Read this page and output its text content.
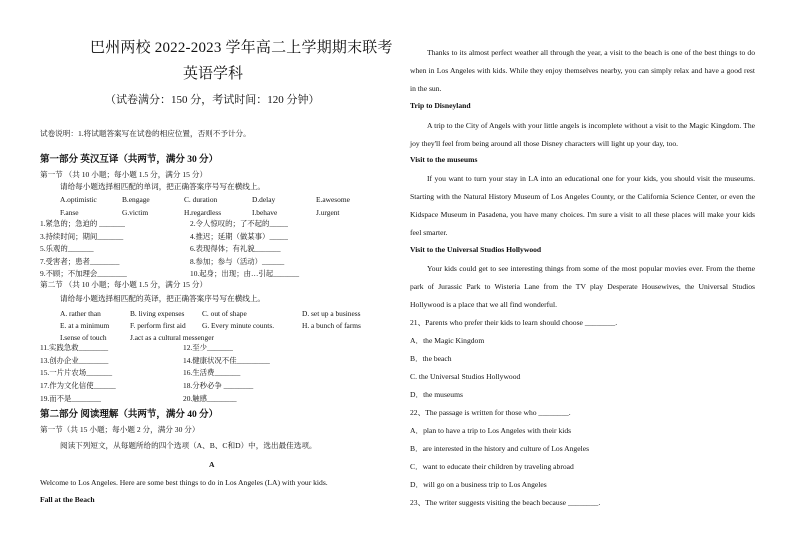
巴州两校 2022-2023 学年高二上学期期末联考
英语学科
（试卷满分：150 分，考试时间：120 分钟）
试卷说明：1.将试题答案写在试卷的相应位置，否则不予计分。
第一部分 英汉互译（共两节，满分 30 分）
第一节 （共 10 小题；每小题 1.5 分，满分 15 分）
请给每小题选择相匹配的单词，把正确答案序号写在横线上。
A.optimistic	B.engage	C. duration	D.delay	E.awesome
F.anse	G.victim	H.regardless	I.behave	J.urgent
1.紧急的；急迫的 _______	2.令人惊叹的；了不起的_____
3.持续时间；期间_______	4.推迟；延期（做某事）_____
5.乐观的_______	6.表现得体；有礼貌_______
7.受害者；患者________	8.参加；参与（活动）______
9.不顾；不加理会________	10.起身；出现；由…引起_______
第二节 （共 10 小题；每小题 1.5 分，满分 15 分）
请给每小题选择相匹配的英译，把正确答案序号写在横线上。
A. rather than	B. living expenses	C. out of shape	D. set up a business
E. at a minimum	F. perform first aid	G. Every minute counts.	H. a bunch of farms
I.sense of touch	J.act as a cultural messenger
11.实践急救________	12.至少_______
13.创办企业________	14.健康状况不佳_________
15.一片片农场_______	16.生活费_______
17.作为文化信使______	18.分秒必争 ________
19.而不是________	20.触感________
第二部分 阅读理解（共两节，满分 40 分）
第一节（共 15 小题；每小题 2 分，满分 30 分）
阅读下列短文，从每题所给的四个选项（A、B、C和D）中，选出最佳选项。
A
Welcome to Los Angeles. Here are some best things to do in Los Angeles (LA) with your kids.
Fall at the Beach
Thanks to its almost perfect weather all through the year, a visit to the beach is one of the best things to do when in Los Angeles with kids. While they enjoy themselves nearby, you can simply relax and have a good rest in the sun.
Trip to Disneyland
A trip to the City of Angels with your little angels is incomplete without a visit to the Magic Kingdom. The joy they'll feel from being around all those Disney characters will light up your day, too.
Visit to the museums
If you want to turn your stay in LA into an educational one for your kids, you should visit the museums. Starting with the Natural History Museum of Los Angeles County, or the California Science Center, or even the Kidspace Museum in Pasadena, you have many choices. I'm sure a visit to all these places will make your kids feel smarter.
Visit to the Universal Studios Hollywood
Your kids could get to see interesting things from some of the most popular movies ever. From the theme park of Jurassic Park to Wisteria Lane from the TV play Desperate Housewives, the Universal Studios Hollywood is a place that we all find wonderful.
21、Parents who prefer their kids to learn should choose ________.
A．the Magic Kingdom
B．the beach
C. the Universal Studios Hollywood
D．the museums
22、The passage is written for those who ________.
A．plan to have a trip to Los Angeles with their kids
B．are interested in the history and culture of Los Angeles
C．want to educate their children by traveling abroad
D．will go on a business trip to Los Angeles
23、The writer suggests visiting the beach because ________.
